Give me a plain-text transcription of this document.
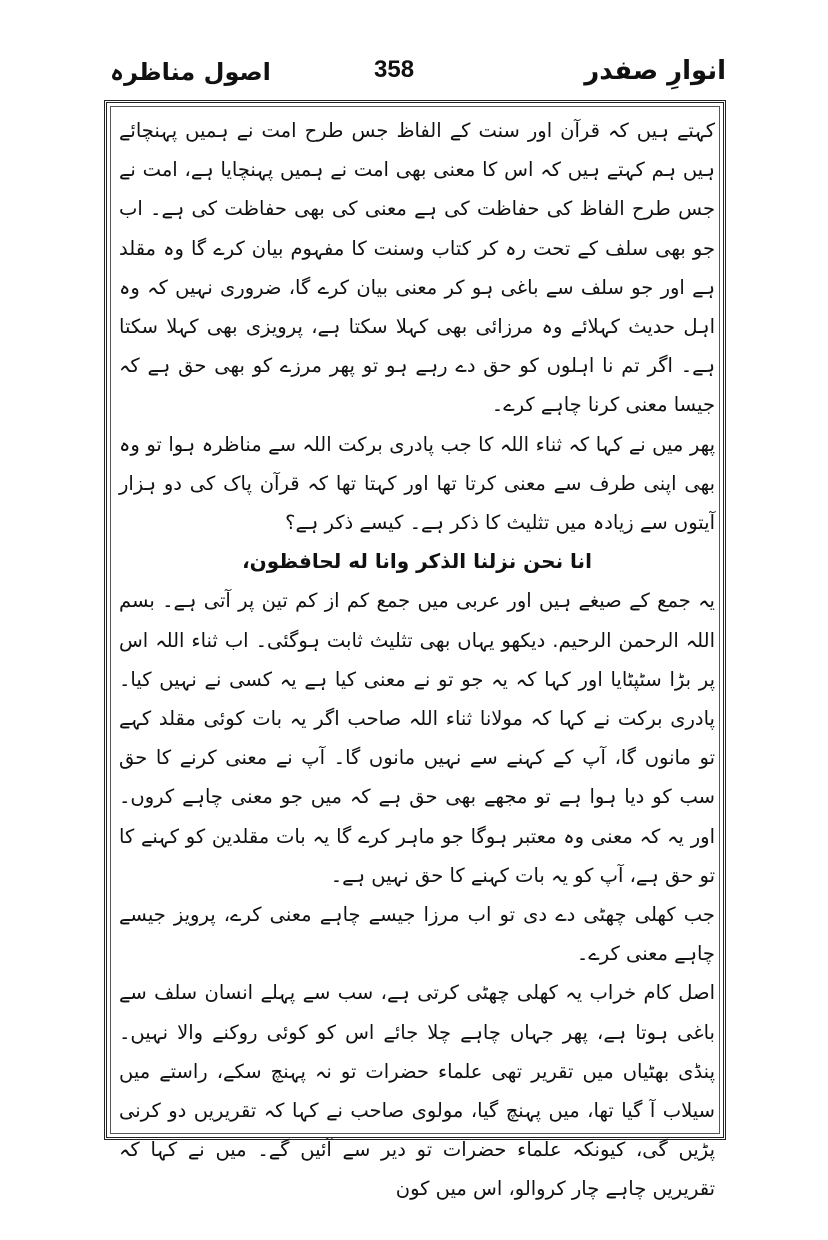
اصول مناظرہ	358	انوارِ صفدر

کہتے ہیں کہ قرآن اور سنت کے الفاظ جس طرح امت نے ہمیں پہنچائے ہیں ہم کہتے ہیں کہ اس کا معنی بھی امت نے ہمیں پہنچایا ہے، امت نے جس طرح الفاظ کی حفاظت کی ہے معنی کی بھی حفاظت کی ہے۔ اب جو بھی سلف کے تحت رہ کر کتاب وسنت کا مفہوم بیان کرے گا وہ مقلد ہے اور جو سلف سے باغی ہو کر معنی بیان کرے گا، ضروری نہیں کہ وہ اہل حدیث کہلائے وہ مرزائی بھی کہلا سکتا ہے، پرویزی بھی کہلا سکتا ہے۔ اگر تم نا اہلوں کو حق دے رہے ہو تو پھر مرزے کو بھی حق ہے کہ جیسا معنی کرنا چاہے کرے۔

پھر میں نے کہا کہ ثناء اللہ کا جب پادری برکت اللہ سے مناظرہ ہوا تو وہ بھی اپنی طرف سے معنی کرتا تھا اور کہتا تھا کہ قرآن پاک کی دو ہزار آیتوں سے زیادہ میں تثلیث کا ذکر ہے۔ کیسے ذکر ہے؟

انا نحن نزلنا الذکر وانا له لحافظون،

یہ جمع کے صیغے ہیں اور عربی میں جمع کم از کم تین پر آتی ہے۔ بسم اللہ الرحمن الرحیم. دیکھو یہاں بھی تثلیث ثابت ہوگئی۔ اب ثناء اللہ اس پر بڑا سٹپٹایا اور کہا کہ یہ جو تو نے معنی کیا ہے یہ کسی نے نہیں کیا۔ پادری برکت نے کہا کہ مولانا ثناء اللہ صاحب اگر یہ بات کوئی مقلد کہے تو مانوں گا، آپ کے کہنے سے نہیں مانوں گا۔ آپ نے معنی کرنے کا حق سب کو دیا ہوا ہے تو مجھے بھی حق ہے کہ میں جو معنی چاہے کروں۔ اور یہ کہ معنی وہ معتبر ہوگا جو ماہر کرے گا یہ بات مقلدین کو کہنے کا تو حق ہے، آپ کو یہ بات کہنے کا حق نہیں ہے۔

جب کھلی چھٹی دے دی تو اب مرزا جیسے چاہے معنی کرے، پرویز جیسے چاہے معنی کرے۔

اصل کام خراب یہ کھلی چھٹی کرتی ہے، سب سے پہلے انسان سلف سے باغی ہوتا ہے، پھر جہاں چاہے چلا جائے اس کو کوئی روکنے والا نہیں۔ پنڈی بھٹیاں میں تقریر تھی علماء حضرات تو نہ پہنچ سکے، راستے میں سیلاب آ گیا تھا، میں پہنچ گیا، مولوی صاحب نے کہا کہ تقریریں دو کرنی پڑیں گی، کیونکہ علماء حضرات تو دیر سے آئیں گے۔ میں نے کہا کہ تقریریں چاہے چار کروالو، اس میں کون
